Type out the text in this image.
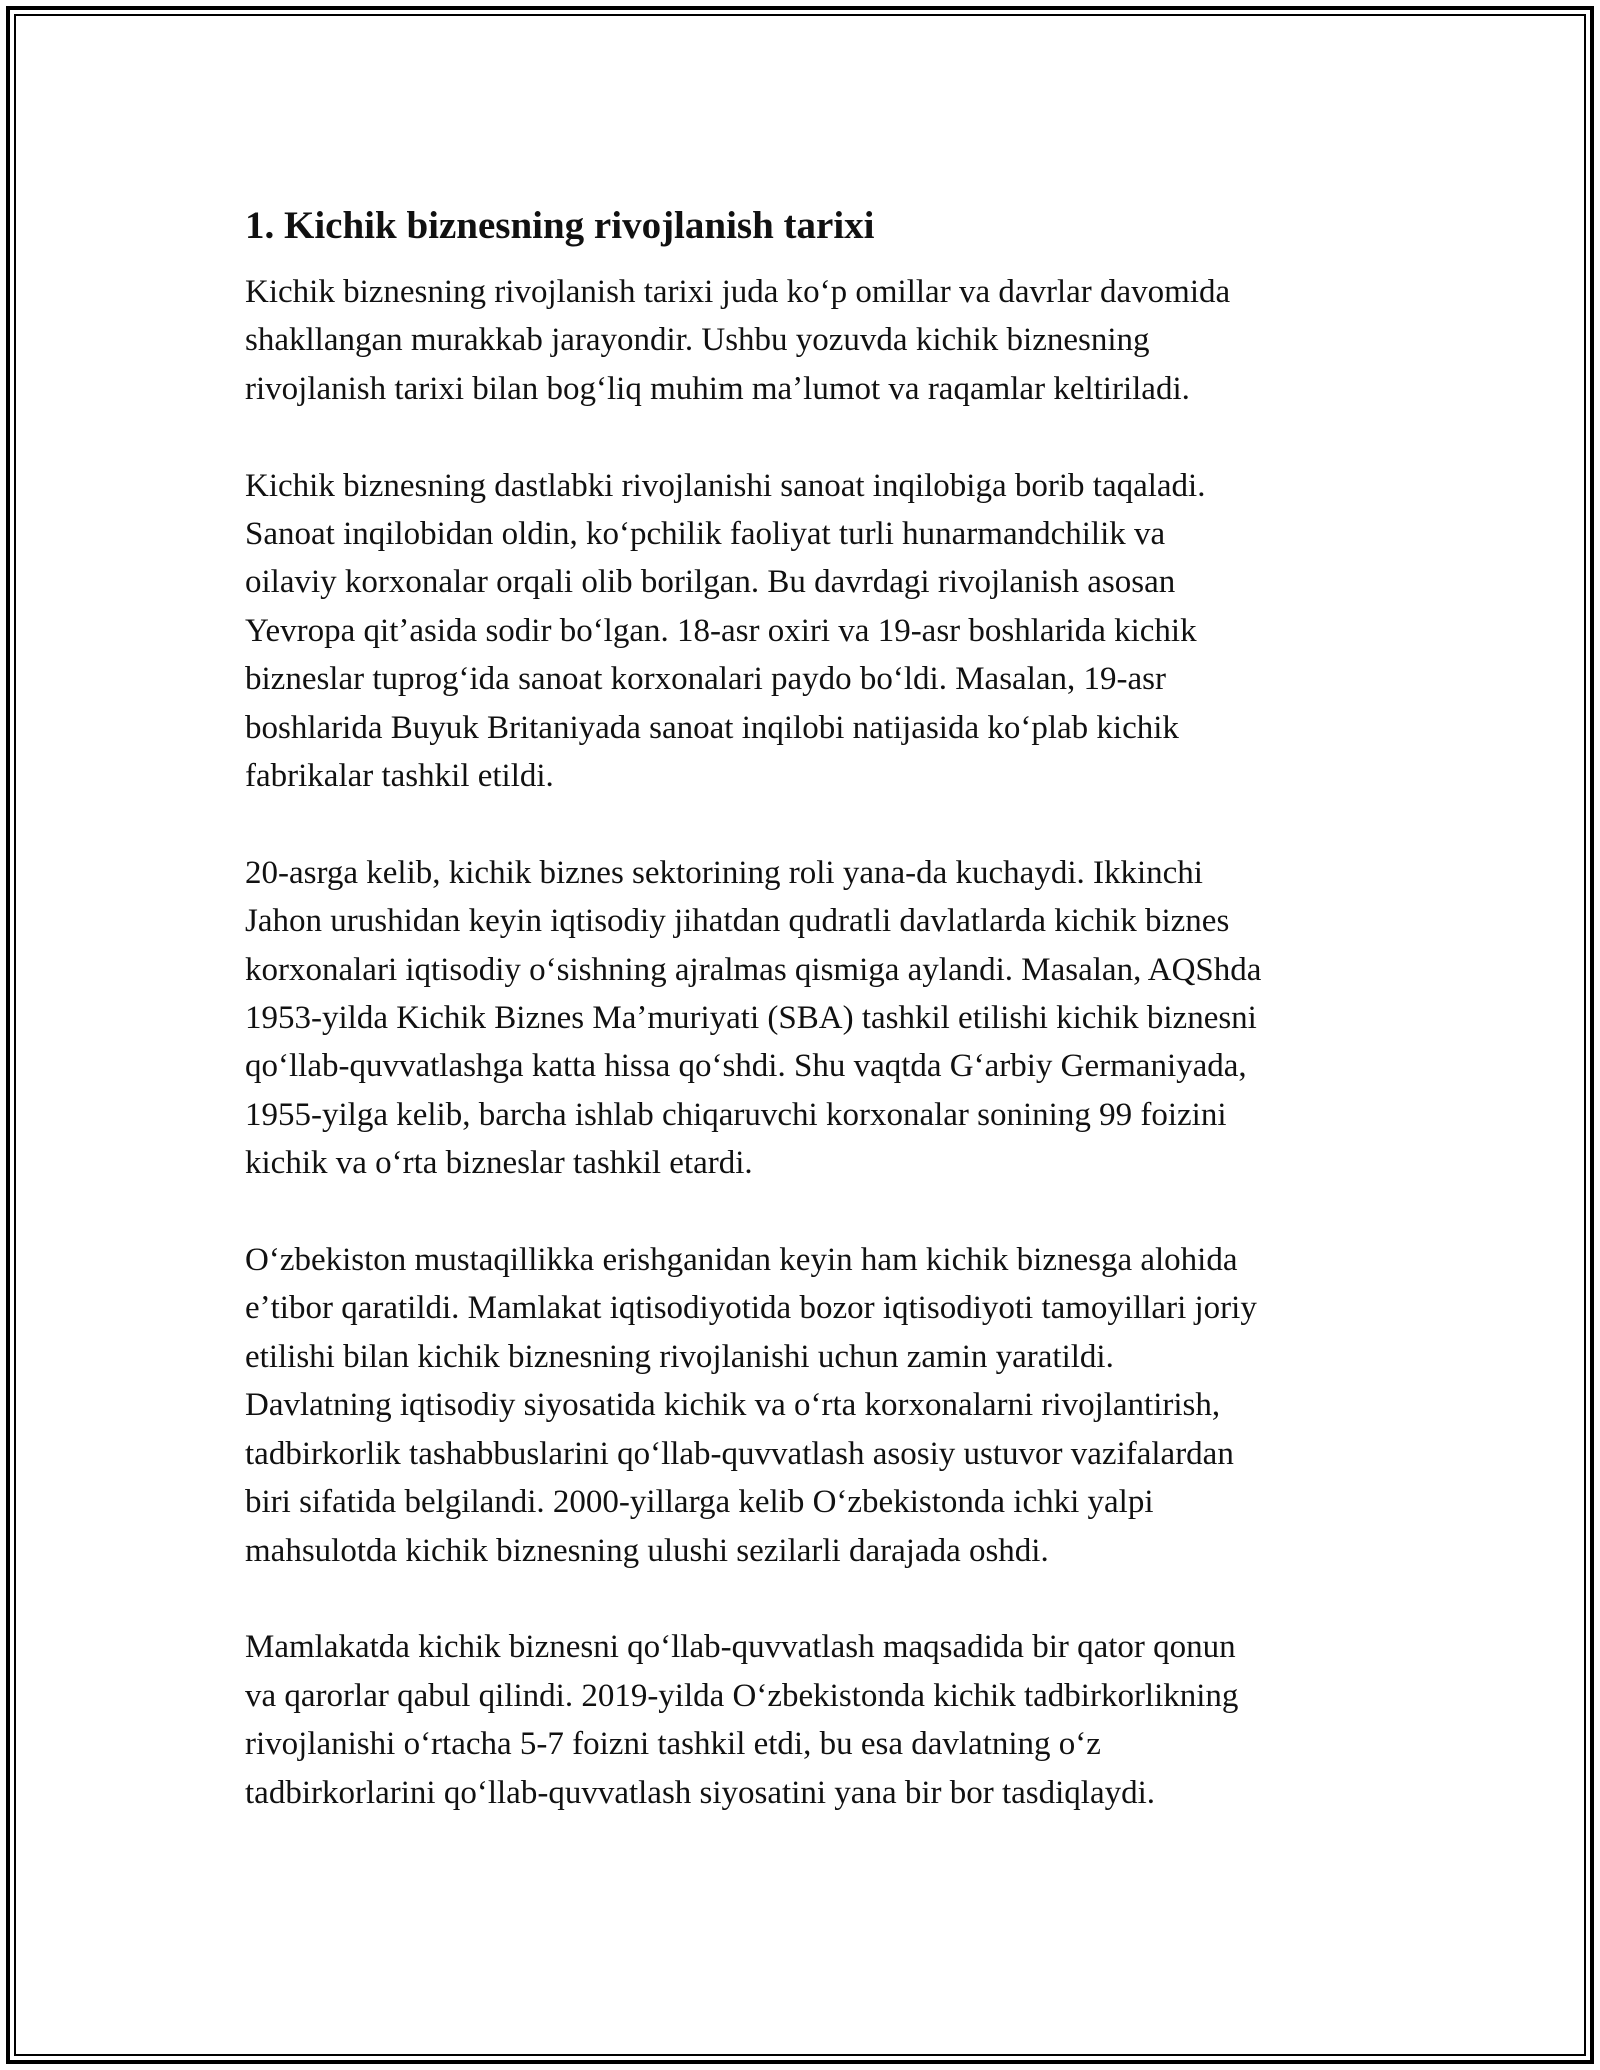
1. Kichik biznesning rivojlanish tarixi

Kichik biznesning rivojlanish tarixi juda koʻp omillar va davrlar davomida
shakllangan murakkab jarayondir. Ushbu yozuvda kichik biznesning
rivojlanish tarixi bilan bogʻliq muhim maʼlumot va raqamlar keltiriladi.

Kichik biznesning dastlabki rivojlanishi sanoat inqilobiga borib taqaladi.
Sanoat inqilobidan oldin, koʻpchilik faoliyat turli hunarmandchilik va
oilaviy korxonalar orqali olib borilgan. Bu davrdagi rivojlanish asosan
Yevropa qitʼasida sodir boʻlgan. 18-asr oxiri va 19-asr boshlarida kichik
bizneslar tuprogʻida sanoat korxonalari paydo boʻldi. Masalan, 19-asr
boshlarida Buyuk Britaniyada sanoat inqilobi natijasida koʻplab kichik
fabrikalar tashkil etildi.

20-asrga kelib, kichik biznes sektorining roli yana-da kuchaydi. Ikkinchi
Jahon urushidan keyin iqtisodiy jihatdan qudratli davlatlarda kichik biznes
korxonalari iqtisodiy oʻsishning ajralmas qismiga aylandi. Masalan, AQShda
1953-yilda Kichik Biznes Maʼmuriyati (SBA) tashkil etilishi kichik biznesni
qoʻllab-quvvatlashga katta hissa qoʻshdi. Shu vaqtda Gʻarbiy Germaniyada,
1955-yilga kelib, barcha ishlab chiqaruvchi korxonalar sonining 99 foizini
kichik va oʻrta bizneslar tashkil etardi.

Oʻzbekiston mustaqillikka erishganidan keyin ham kichik biznesga alohida
eʼtibor qaratildi. Mamlakat iqtisodiyotida bozor iqtisodiyoti tamoyillari joriy
etilishi bilan kichik biznesning rivojlanishi uchun zamin yaratildi.
Davlatning iqtisodiy siyosatida kichik va oʻrta korxonalarni rivojlantirish,
tadbirkorlik tashabbuslarini qoʻllab-quvvatlash asosiy ustuvor vazifalardan
biri sifatida belgilandi. 2000-yillarga kelib Oʻzbekistonda ichki yalpi
mahsulotda kichik biznesning ulushi sezilarli darajada oshdi.

Mamlakatda kichik biznesni qoʻllab-quvvatlash maqsadida bir qator qonun
va qarorlar qabul qilindi. 2019-yilda Oʻzbekistonda kichik tadbirkorlikning
rivojlanishi oʻrtacha 5-7 foizni tashkil etdi, bu esa davlatning oʻz
tadbirkorlarini qoʻllab-quvvatlash siyosatini yana bir bor tasdiqlaydi.
